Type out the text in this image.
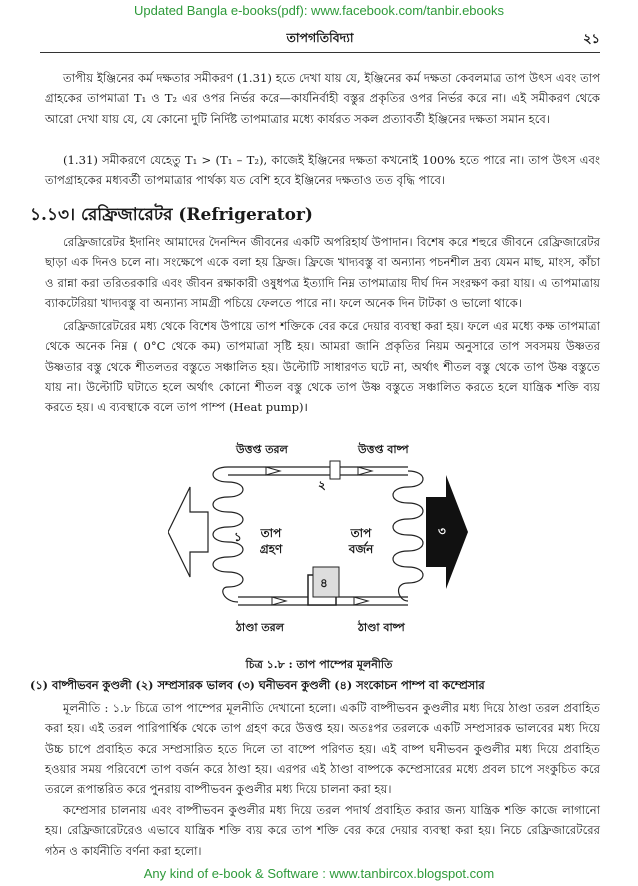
Updated Bangla e-books(pdf): www.facebook.com/tanbir.ebooks
তাপগতিবিদ্যা	২১

তাপীয় ইঞ্জিনের কর্ম দক্ষতার সমীকরণ (1.31) হতে দেখা যায় যে, ইঞ্জিনের কর্ম দক্ষতা কেবলমাত্র তাপ উৎস এবং তাপ গ্রাহকের তাপমাত্রা T₁ ও T₂ এর ওপর নির্ভর করে—কার্যনির্বাহী বস্তুর প্রকৃতির ওপর নির্ভর করে না। এই সমীকরণ থেকে আরো দেখা যায় যে, যে কোনো দুটি নির্দিষ্ট তাপমাত্রার মধ্যে কার্যরত সকল প্রত্যাবর্তী ইঞ্জিনের দক্ষতা সমান হবে।

(1.31) সমীকরণে যেহেতু T₁ > (T₁ – T₂), কাজেই ইঞ্জিনের দক্ষতা কখনোই 100% হতে পারে না। তাপ উৎস এবং তাপগ্রাহকের মধ্যবর্তী তাপমাত্রার পার্থক্য যত বেশি হবে ইঞ্জিনের দক্ষতাও তত বৃদ্ধি পাবে।

১.১৩। রেফ্রিজারেটর (Refrigerator)

রেফ্রিজারেটর ইদানিং আমাদের দৈনন্দিন জীবনের একটি অপরিহার্য উপাদান। বিশেষ করে শহুরে জীবনে রেফ্রিজারেটর ছাড়া এক দিনও চলে না। সংক্ষেপে একে বলা হয় ফ্রিজ। ফ্রিজে খাদ্যবস্তু বা অন্যান্য পচনশীল দ্রব্য যেমন মাছ, মাংস, কাঁচা ও রান্না করা তরিতরকারি এবং জীবন রক্ষাকারী ওষুধপত্র ইত্যাদি নিম্ন তাপমাত্রায় দীর্ঘ দিন সংরক্ষণ করা যায়। এ তাপমাত্রায় ব্যাকটেরিয়া খাদ্যবস্তু বা অন্যান্য সামগ্রী পচিয়ে ফেলতে পারে না। ফলে অনেক দিন টাটকা ও ভালো থাকে।

রেফ্রিজারেটরের মধ্য থেকে বিশেষ উপায়ে তাপ শক্তিকে বের করে দেয়ার ব্যবস্থা করা হয়। ফলে এর মধ্যে কক্ষ তাপমাত্রা থেকে অনেক নিম্ন ( 0°C থেকে কম) তাপমাত্রা সৃষ্টি হয়। আমরা জানি প্রকৃতির নিয়ম অনুসারে তাপ সবসময় উষ্ণতর উষ্ণতার বস্তু থেকে শীতলতর বস্তুতে সঞ্চালিত হয়। উল্টোটি সাধারণত ঘটে না, অর্থাৎ শীতল বস্তু থেকে তাপ উষ্ণ বস্তুতে যায় না। উল্টোটি ঘটাতে হলে অর্থাৎ কোনো শীতল বস্তু থেকে তাপ উষ্ণ বস্তুতে সঞ্চালিত করতে হলে যান্ত্রিক শক্তি ব্যয় করতে হয়। এ ব্যবস্থাকে বলে তাপ পাম্প (Heat pump)।

উত্তপ্ত তরল	উত্তপ্ত বাষ্প
ঠাণ্ডা তরল	ঠাণ্ডা বাষ্প
তাপ গ্রহণ
তাপ বর্জন
১
২
৩
৪
চিত্র ১.৮ : তাপ পাম্পের মূলনীতি
(১) বাষ্পীভবন কুণ্ডলী (২) সম্প্রসারক ভালব (৩) ঘনীভবন কুণ্ডলী (৪) সংকোচন পাম্প বা কম্প্রেসার

মূলনীতি : ১.৮ চিত্রে তাপ পাম্পের মূলনীতি দেখানো হলো। একটি বাষ্পীভবন কুণ্ডলীর মধ্য দিয়ে ঠাণ্ডা তরল প্রবাহিত করা হয়। এই তরল পারিপার্শ্বিক থেকে তাপ গ্রহণ করে উত্তপ্ত হয়। অতঃপর তরলকে একটি সম্প্রসারক ভালবের মধ্য দিয়ে উচ্চ চাপে প্রবাহিত করে সম্প্রসারিত হতে দিলে তা বাষ্পে পরিণত হয়। এই বাষ্প ঘনীভবন কুণ্ডলীর মধ্য দিয়ে প্রবাহিত হওয়ার সময় পরিবেশে তাপ বর্জন করে ঠাণ্ডা হয়। এরপর এই ঠাণ্ডা বাষ্পকে কম্প্রেসারের মধ্যে প্রবল চাপে সংকুচিত করে তরলে রূপান্তরিত করে পুনরায় বাষ্পীভবন কুণ্ডলীর মধ্য দিয়ে চালনা করা হয়।

কম্প্রেসার চালনায় এবং বাষ্পীভবন কুণ্ডলীর মধ্য দিয়ে তরল পদার্থ প্রবাহিত করার জন্য যান্ত্রিক শক্তি কাজে লাগানো হয়। রেফ্রিজারেটরেও এভাবে যান্ত্রিক শক্তি ব্যয় করে তাপ শক্তি বের করে দেয়ার ব্যবস্থা করা হয়। নিচে রেফ্রিজারেটরের গঠন ও কার্যনীতি বর্ণনা করা হলো।

Any kind of e-book & Software : www.tanbircox.blogspot.com
